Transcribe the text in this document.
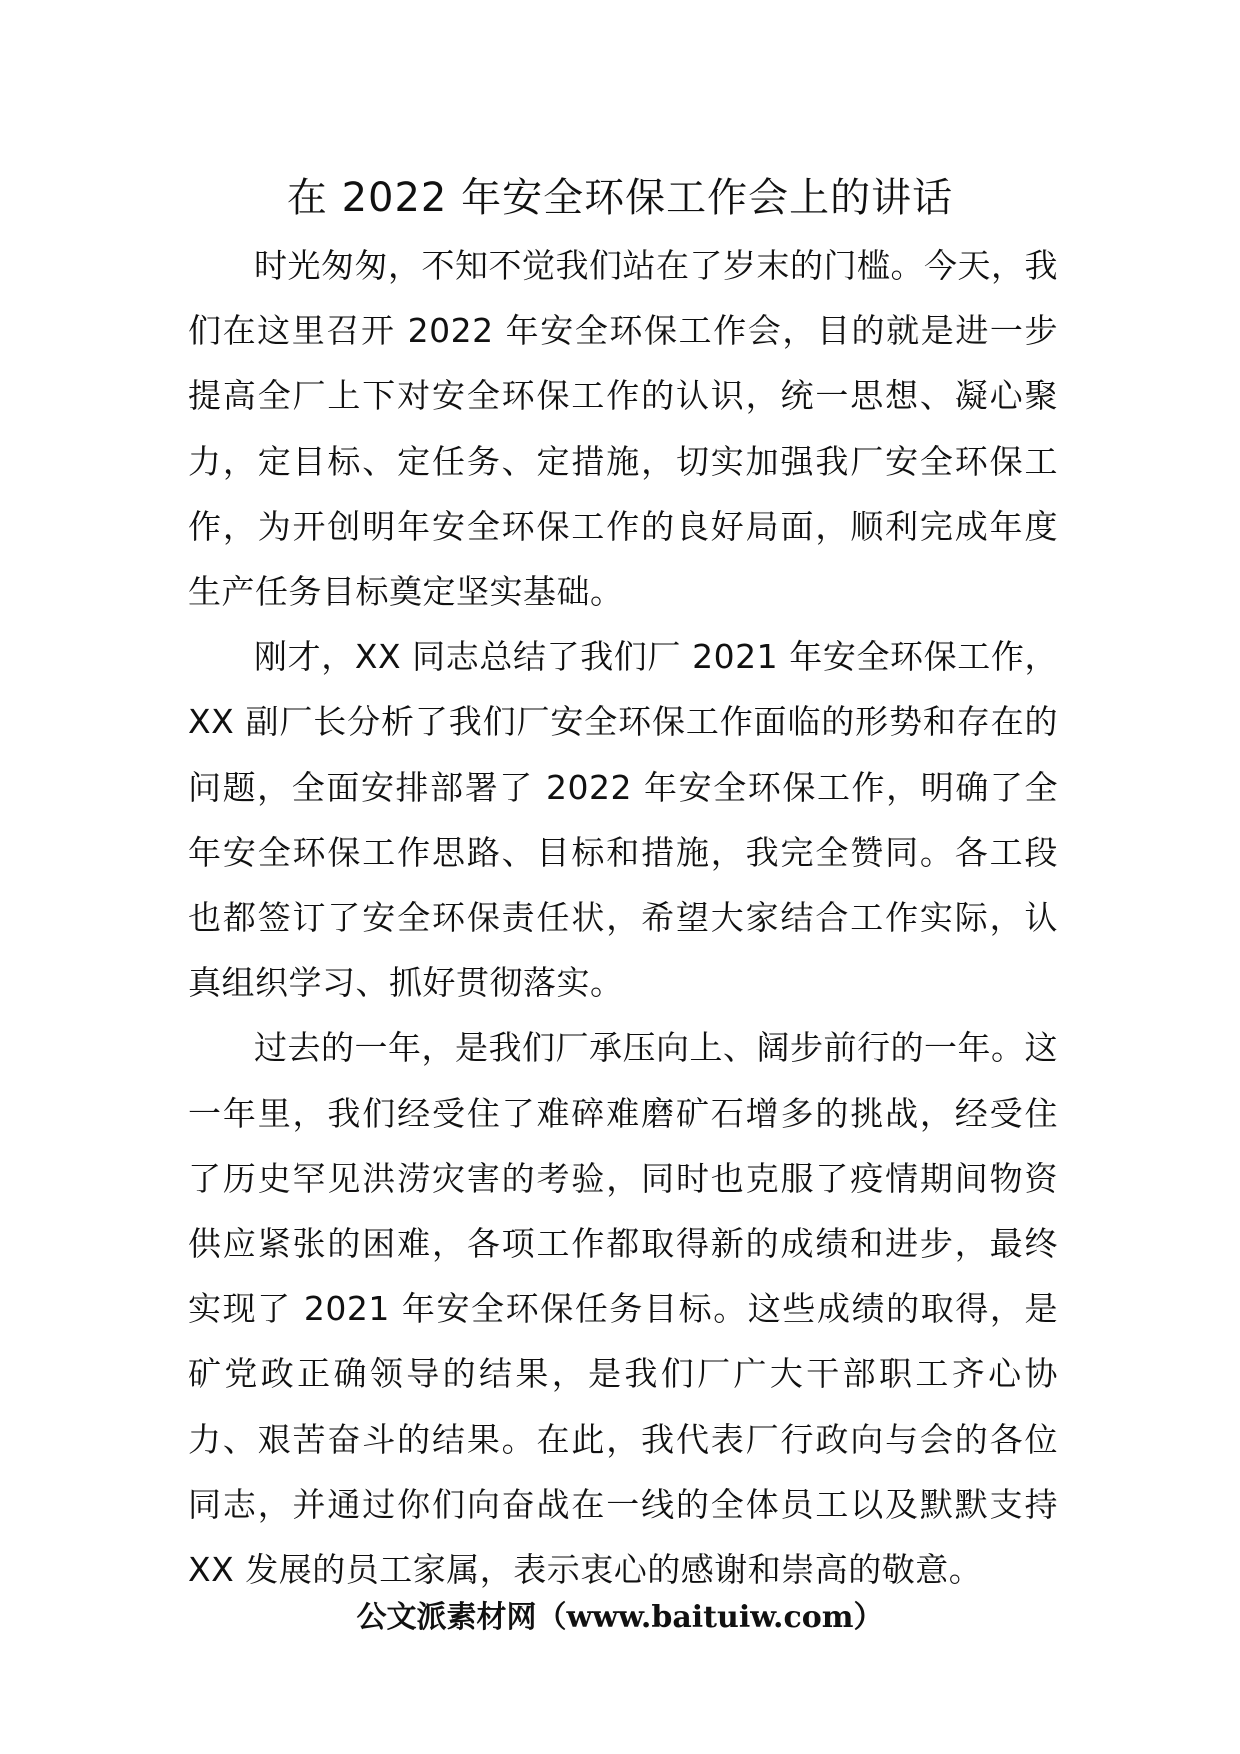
在 2022 年安全环保工作会上的讲话

时光匆匆，不知不觉我们站在了岁末的门槛。今天，我们在这里召开 2022 年安全环保工作会，目的就是进一步提高全厂上下对安全环保工作的认识，统一思想、凝心聚力，定目标、定任务、定措施，切实加强我厂安全环保工作，为开创明年安全环保工作的良好局面，顺利完成年度生产任务目标奠定坚实基础。

刚才，XX 同志总结了我们厂 2021 年安全环保工作，XX 副厂长分析了我们厂安全环保工作面临的形势和存在的问题，全面安排部署了 2022 年安全环保工作，明确了全年安全环保工作思路、目标和措施，我完全赞同。各工段也都签订了安全环保责任状，希望大家结合工作实际，认真组织学习、抓好贯彻落实。

过去的一年，是我们厂承压向上、阔步前行的一年。这一年里，我们经受住了难碎难磨矿石增多的挑战，经受住了历史罕见洪涝灾害的考验，同时也克服了疫情期间物资供应紧张的困难，各项工作都取得新的成绩和进步，最终实现了 2021 年安全环保任务目标。这些成绩的取得，是矿党政正确领导的结果，是我们厂广大干部职工齐心协力、艰苦奋斗的结果。在此，我代表厂行政向与会的各位同志，并通过你们向奋战在一线的全体员工以及默默支持 XX 发展的员工家属，表示衷心的感谢和崇高的敬意。

公文派素材网（www.baituiw.com）
